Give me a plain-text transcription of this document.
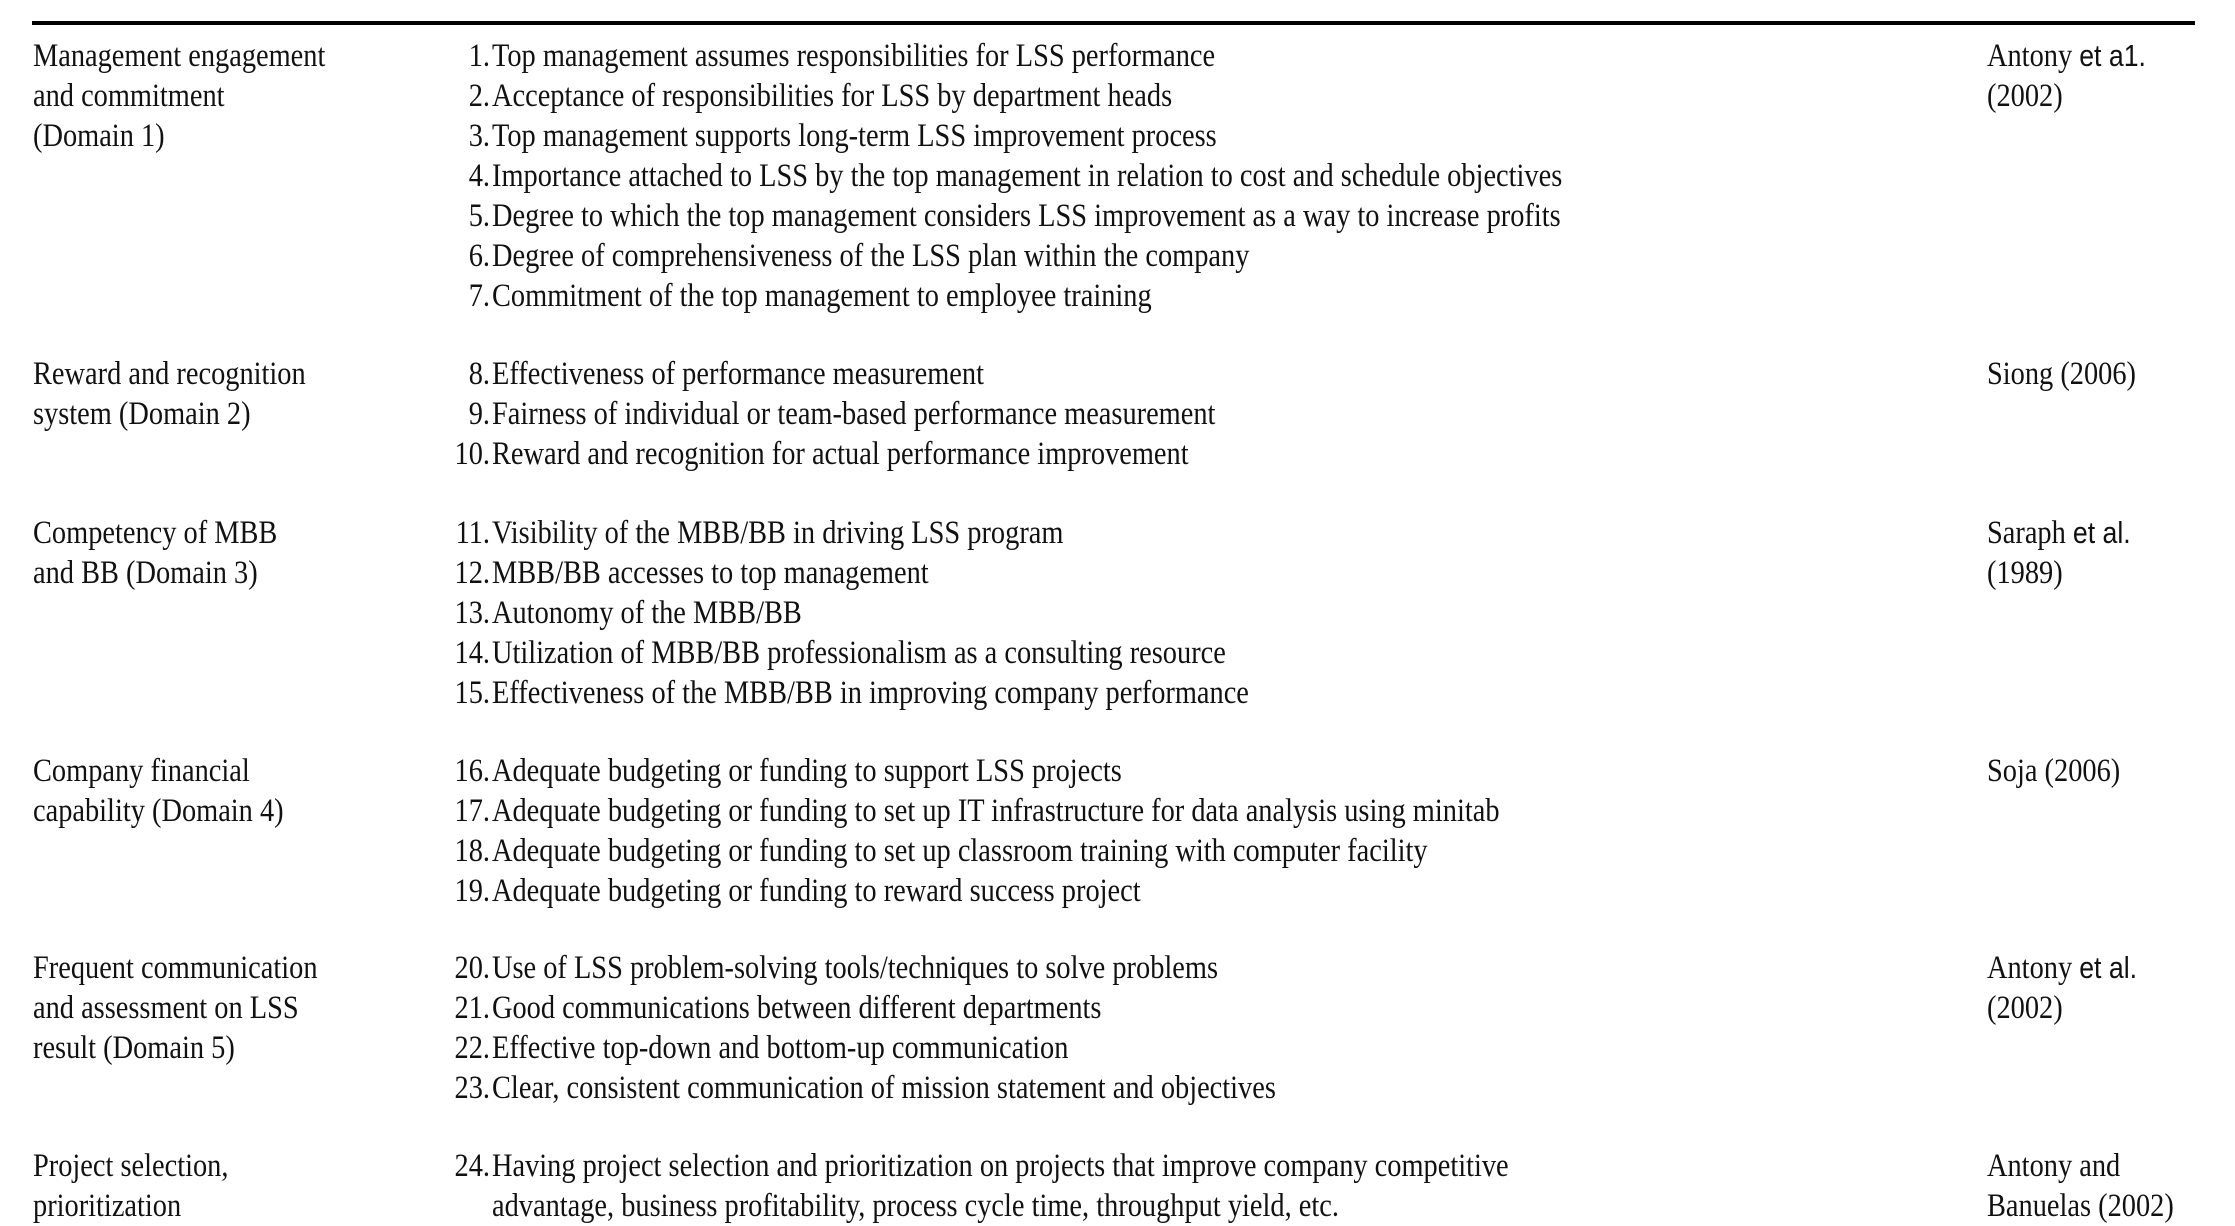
Management engagement
and commitment
(Domain 1)
1. Top management assumes responsibilities for LSS performance
2. Acceptance of responsibilities for LSS by department heads
3. Top management supports long-term LSS improvement process
4. Importance attached to LSS by the top management in relation to cost and schedule objectives
5. Degree to which the top management considers LSS improvement as a way to increase profits
6. Degree of comprehensiveness of the LSS plan within the company
7. Commitment of the top management to employee training
Antony et a1.
(2002)
Reward and recognition
system (Domain 2)
8. Effectiveness of performance measurement
9. Fairness of individual or team-based performance measurement
10. Reward and recognition for actual performance improvement
Siong (2006)
Competency of MBB
and BB (Domain 3)
11. Visibility of the MBB/BB in driving LSS program
12. MBB/BB accesses to top management
13. Autonomy of the MBB/BB
14. Utilization of MBB/BB professionalism as a consulting resource
15. Effectiveness of the MBB/BB in improving company performance
Saraph et al.
(1989)
Company financial
capability (Domain 4)
16. Adequate budgeting or funding to support LSS projects
17. Adequate budgeting or funding to set up IT infrastructure for data analysis using minitab
18. Adequate budgeting or funding to set up classroom training with computer facility
19. Adequate budgeting or funding to reward success project
Soja (2006)
Frequent communication
and assessment on LSS
result (Domain 5)
20. Use of LSS problem-solving tools/techniques to solve problems
21. Good communications between different departments
22. Effective top-down and bottom-up communication
23. Clear, consistent communication of mission statement and objectives
Antony et al.
(2002)
Project selection,
prioritization
24. Having project selection and prioritization on projects that improve company competitive
advantage, business profitability, process cycle time, throughput yield, etc.
Antony and
Banuelas (2002)
